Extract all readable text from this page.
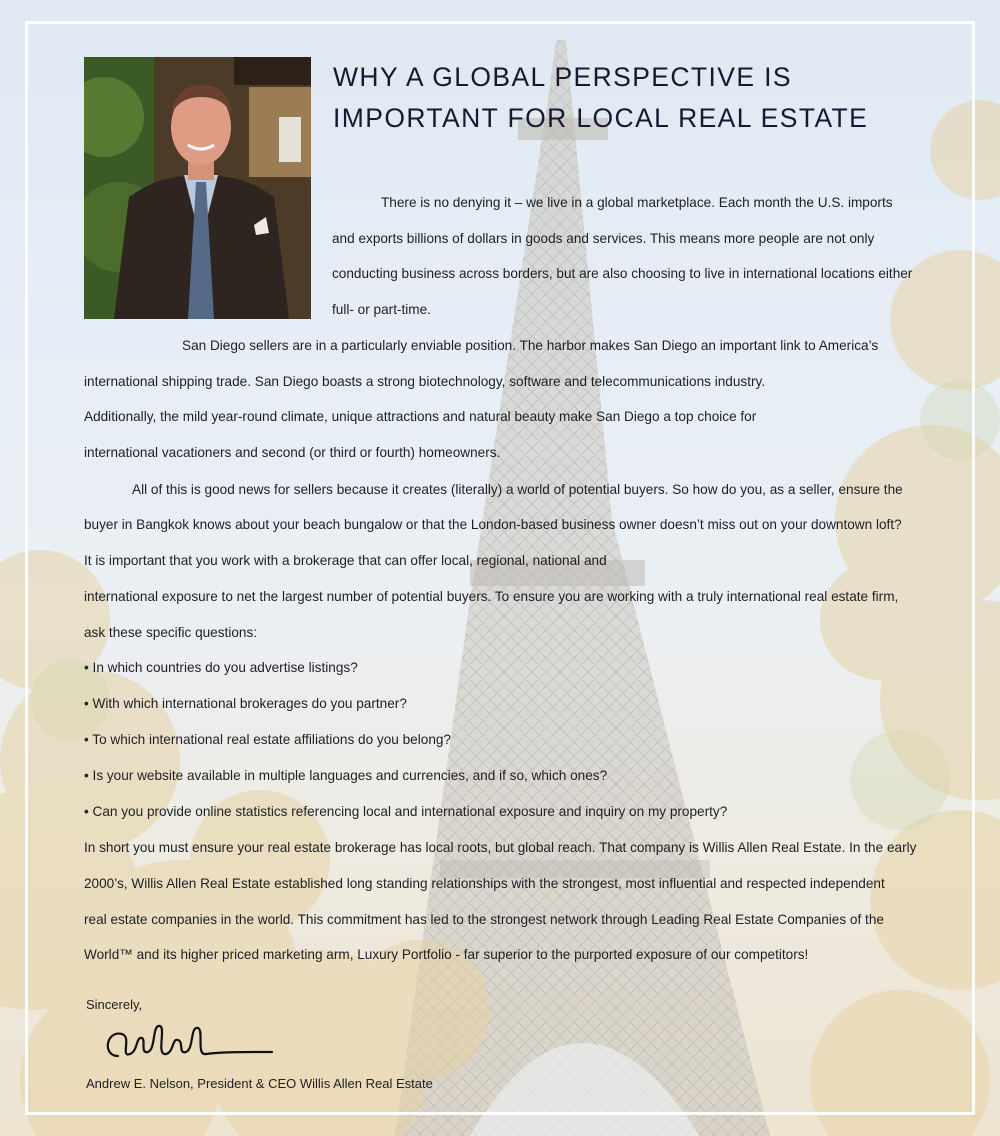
WHY A GLOBAL PERSPECTIVE IS
IMPORTANT FOR LOCAL REAL ESTATE

There is no denying it – we live in a global marketplace. Each month the U.S. imports

and exports billions of dollars in goods and services. This means more people are not only

conducting business across borders, but are also choosing to live in international locations either

full- or part-time.

San Diego sellers are in a particularly enviable position. The harbor makes San Diego an important link to America’s

international shipping trade. San Diego boasts a strong biotechnology, software and telecommunications industry.

Additionally, the mild year-round climate, unique attractions and natural beauty make San Diego a top choice for

international vacationers and second (or third or fourth) homeowners.

All of this is good news for sellers because it creates (literally) a world of potential buyers. So how do you, as a seller, ensure the

buyer in Bangkok knows about your beach bungalow or that the London-based business owner doesn’t miss out on your downtown loft?

It is important that you work with a brokerage that can offer local, regional, national and

international exposure to net the largest number of potential buyers. To ensure you are working with a truly international real estate firm,

ask these specific questions:

• In which countries do you advertise listings?

• With which international brokerages do you partner?

• To which international real estate affiliations do you belong?

• Is your website available in multiple languages and currencies, and if so, which ones?

• Can you provide online statistics referencing local and international exposure and inquiry on my property?

In short you must ensure your real estate brokerage has local roots, but global reach. That company is Willis Allen Real Estate. In the early

2000’s, Willis Allen Real Estate established long standing relationships with the strongest, most influential and respected independent

real estate companies in the world. This commitment has led to the strongest network through Leading Real Estate Companies of the

World™ and its higher priced marketing arm, Luxury Portfolio - far superior to the purported exposure of our competitors!

Sincerely,

Andrew E. Nelson, President & CEO Willis Allen Real Estate
